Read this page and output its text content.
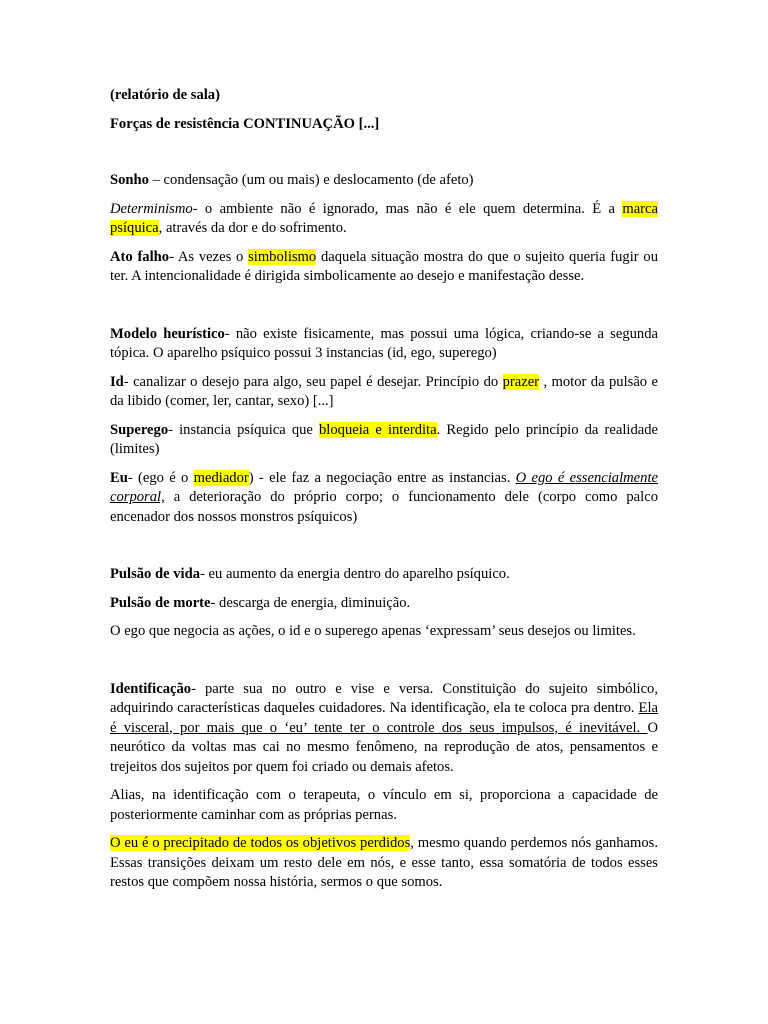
(relatório de sala)

Forças de resistência CONTINUAÇÃO [...]

Sonho – condensação (um ou mais) e deslocamento (de afeto)

Determinismo- o ambiente não é ignorado, mas não é ele quem determina. É a marca psíquica, através da dor e do sofrimento.

Ato falho- As vezes o simbolismo daquela situação mostra do que o sujeito queria fugir ou ter. A intencionalidade é dirigida simbolicamente ao desejo e manifestação desse.

Modelo heurístico- não existe fisicamente, mas possui uma lógica, criando-se a segunda tópica. O aparelho psíquico possui 3 instancias (id, ego, superego)

Id- canalizar o desejo para algo, seu papel é desejar. Princípio do prazer , motor da pulsão e da libido (comer, ler, cantar, sexo) [...]

Superego- instancia psíquica que bloqueia e interdita. Regido pelo princípio da realidade (limites)

Eu- (ego é o mediador) - ele faz a negociação entre as instancias. O ego é essencialmente corporal, a deterioração do próprio corpo; o funcionamento dele (corpo como palco encenador dos nossos monstros psíquicos)

Pulsão de vida- eu aumento da energia dentro do aparelho psíquico.

Pulsão de morte- descarga de energia, diminuição.

O ego que negocia as ações, o id e o superego apenas ‘expressam’ seus desejos ou limites.

Identificação- parte sua no outro e vise e versa. Constituição do sujeito simbólico, adquirindo características daqueles cuidadores. Na identificação, ela te coloca pra dentro. Ela é visceral, por mais que o ‘eu’ tente ter o controle dos seus impulsos, é inevitável. O neurótico da voltas mas cai no mesmo fenômeno, na reprodução de atos, pensamentos e trejeitos dos sujeitos por quem foi criado ou demais afetos.

Alias, na identificação com o terapeuta, o vínculo em si, proporciona a capacidade de posteriormente caminhar com as próprias pernas.

O eu é o precipitado de todos os objetivos perdidos, mesmo quando perdemos nós ganhamos. Essas transições deixam um resto dele em nós, e esse tanto, essa somatória de todos esses restos que compõem nossa história, sermos o que somos.
